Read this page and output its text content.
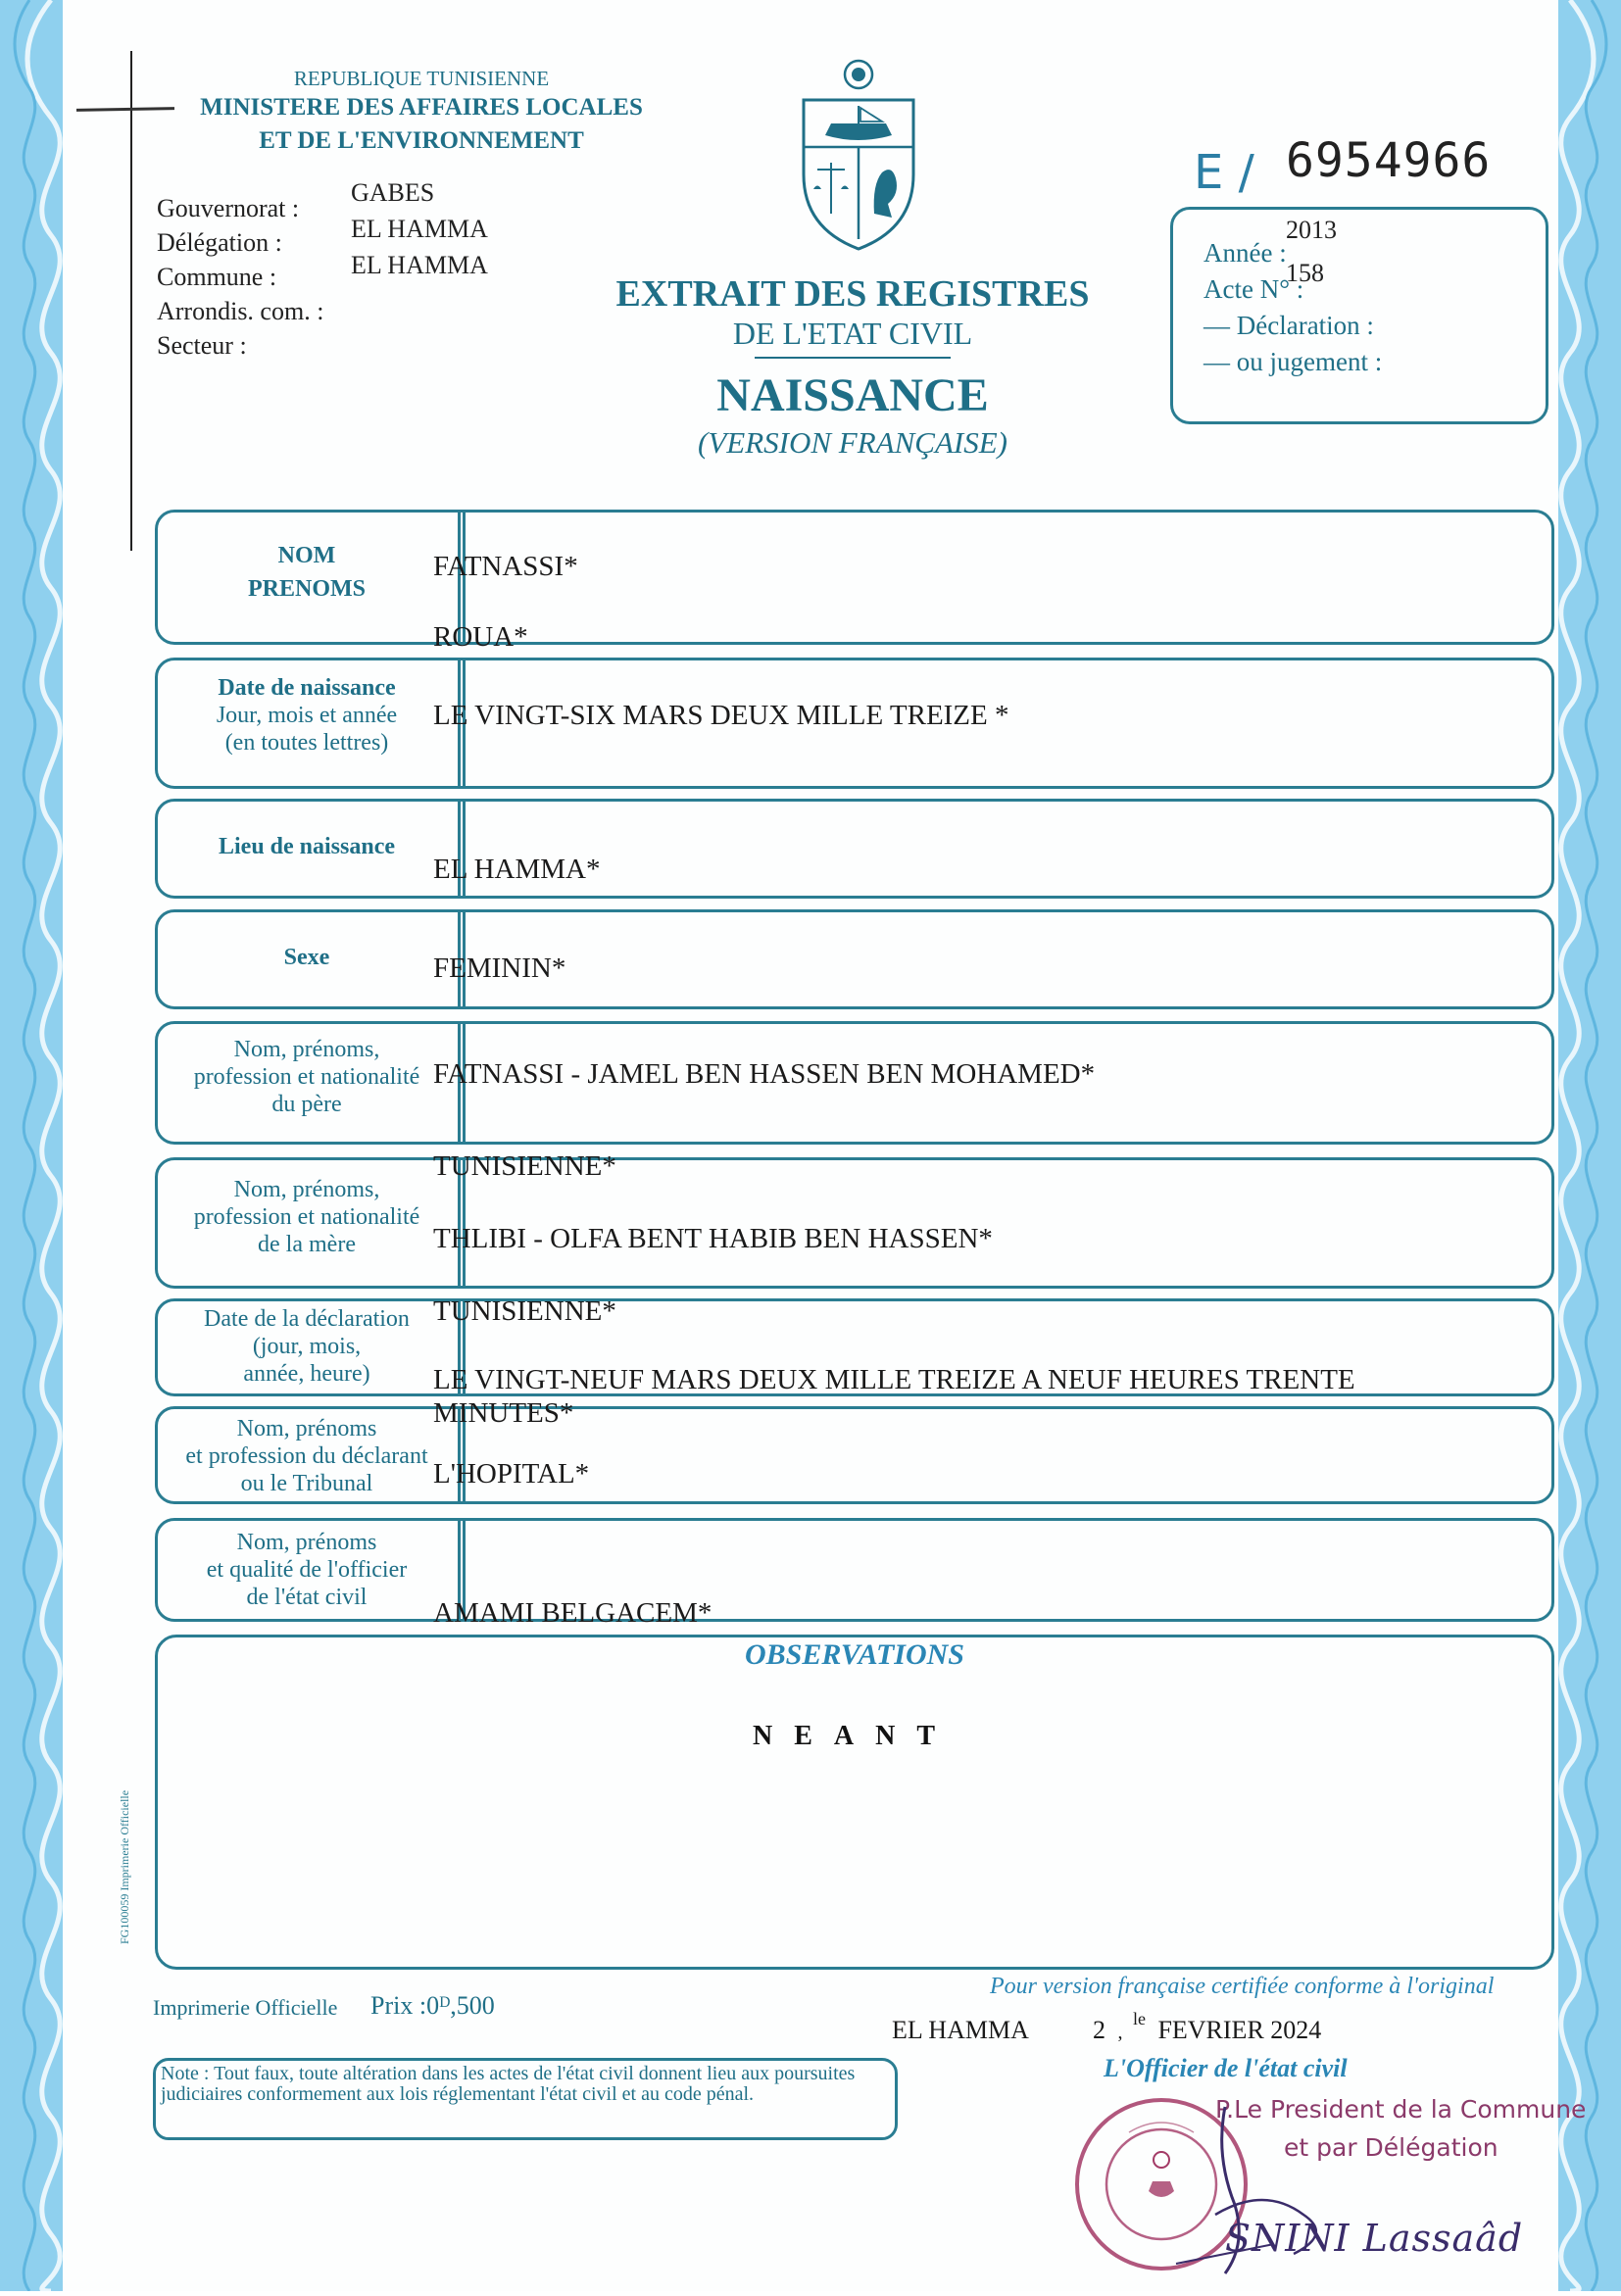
REPUBLIQUE TUNISIENNE
MINISTERE DES AFFAIRES LOCALES
ET DE L'ENVIRONNEMENT
Gouvernorat :
Délégation :
Commune :
Arrondis. com. :
Secteur :
GABES
EL HAMMA
EL HAMMA
EXTRAIT DES REGISTRES
DE L'ETAT CIVIL
NAISSANCE
(VERSION FRANÇAISE)
E / 6954966
Année :
Acte N° :
— Déclaration :
— ou jugement :
2013
158
NOM
PRENOMS
Date de naissance
Jour, mois et année
(en toutes lettres)
Lieu de naissance
Sexe
Nom, prénoms,
profession et nationalité
du père
Nom, prénoms,
profession et nationalité
de la mère
Date de la déclaration
(jour, mois,
année, heure)
Nom, prénoms
et profession du déclarant
ou le Tribunal
Nom, prénoms
et qualité de l'officier
de l'état civil
FATNASSI*
ROUA*
LE VINGT-SIX MARS DEUX MILLE TREIZE *
EL HAMMA*
FEMININ*
FATNASSI - JAMEL BEN HASSEN BEN MOHAMED*
TUNISIENNE*
THLIBI - OLFA BENT HABIB BEN HASSEN*
TUNISIENNE*
LE VINGT-NEUF MARS DEUX MILLE TREIZE A NEUF HEURES TRENTE
MINUTES*
L'HOPITAL*
AMAMI BELGACEM*
OBSERVATIONS
NEANT
FG100059 Imprimerie Officielle
Imprimerie Officielle Prix :0ᴰ,500
Pour version française certifiée conforme à l'original
EL HAMMA	2 , $^{le}$ FEVRIER 2024
Note : Tout faux, toute altération dans les actes de l'état civil donnent lieu aux poursuites judiciaires conformement aux lois réglementant l'état civil et au code pénal.
L'Officier de l'état civil
P.Le President de la Commune
et par Délégation
SNINI Lassaâd
